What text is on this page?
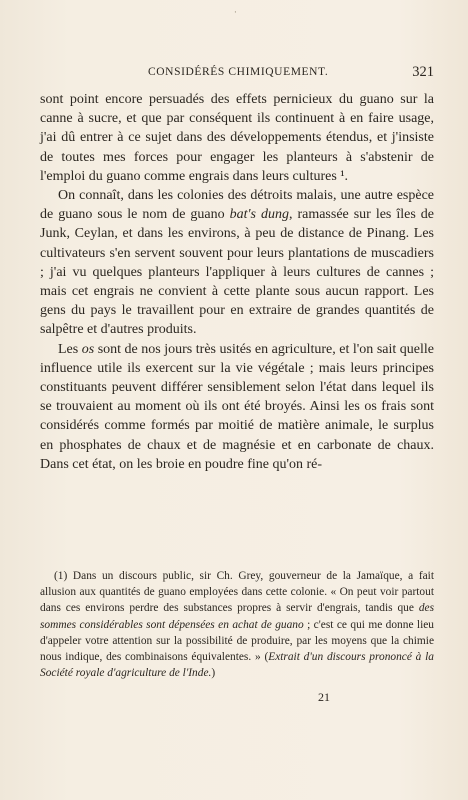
·
CONSIDÉRÉS CHIMIQUEMENT.	321

sont point encore persuadés des effets pernicieux du guano sur la canne à sucre, et que par conséquent ils continuent à en faire usage, j'ai dû entrer à ce sujet dans des développements étendus, et j'insiste de toutes mes forces pour engager les planteurs à s'abstenir de l'emploi du guano comme engrais dans leurs cultures ¹.

On connaît, dans les colonies des détroits malais, une autre espèce de guano sous le nom de guano bat's dung, ramassée sur les îles de Junk, Ceylan, et dans les environs, à peu de distance de Pinang. Les cultivateurs s'en servent souvent pour leurs plantations de muscadiers ; j'ai vu quelques planteurs l'appliquer à leurs cultures de cannes ; mais cet engrais ne convient à cette plante sous aucun rapport. Les gens du pays le travaillent pour en extraire de grandes quantités de salpêtre et d'autres produits.

Les os sont de nos jours très usités en agriculture, et l'on sait quelle influence utile ils exercent sur la vie végétale ; mais leurs principes constituants peuvent différer sensiblement selon l'état dans lequel ils se trouvaient au moment où ils ont été broyés. Ainsi les os frais sont considérés comme formés par moitié de matière animale, le surplus en phosphates de chaux et de magnésie et en carbonate de chaux. Dans cet état, on les broie en poudre fine qu'on ré-

(1) Dans un discours public, sir Ch. Grey, gouverneur de la Jamaïque, a fait allusion aux quantités de guano employées dans cette colonie. « On peut voir partout dans ces environs perdre des substances propres à servir d'engrais, tandis que des sommes considérables sont dépensées en achat de guano ; c'est ce qui me donne lieu d'appeler votre attention sur la possibilité de produire, par les moyens que la chimie nous indique, des combinaisons équivalentes. » (Extrait d'un discours prononcé à la Société royale d'agriculture de l'Inde.)

21
